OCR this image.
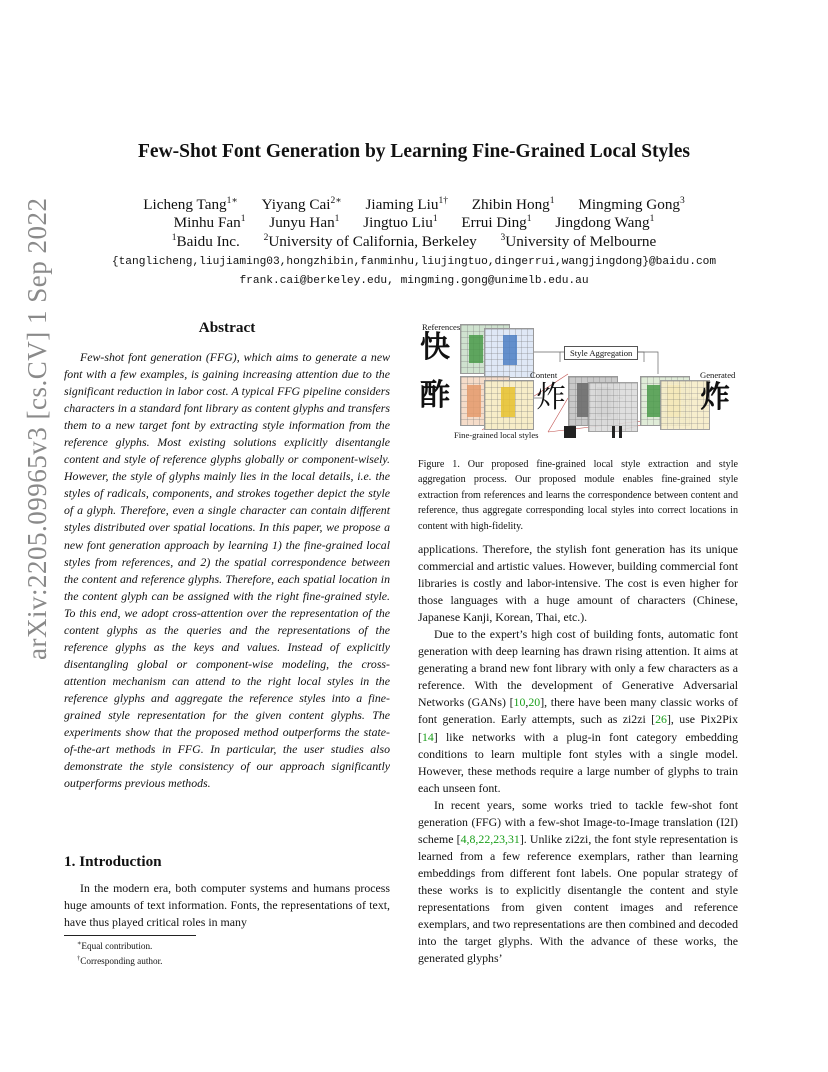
arXiv:2205.09965v3 [cs.CV] 1 Sep 2022
Few-Shot Font Generation by Learning Fine-Grained Local Styles
Licheng Tang$^{1∗}$ Yiyang Cai$^{2∗}$ Jiaming Liu$^{1\dagger}$ Zhibin Hong$^1$ Mingming Gong$^3$
Minhu Fan$^1$ Junyu Han$^1$ Jingtuo Liu$^1$ Errui Ding$^1$ Jingdong Wang$^1$
$^1$Baidu Inc.	$^2$University of California, Berkeley	$^3$University of Melbourne
{tanglicheng,liujiaming03,hongzhibin,fanminhu,liujingtuo,dingerrui,wangjingdong}@baidu.com
frank.cai@berkeley.edu, mingming.gong@unimelb.edu.au
Abstract
Few-shot font generation (FFG), which aims to generate a new font with a few examples, is gaining increasing attention due to the significant reduction in labor cost. A typical FFG pipeline considers characters in a standard font library as content glyphs and transfers them to a new target font by extracting style information from the reference glyphs. Most existing solutions explicitly disentangle content and style of reference glyphs globally or component-wisely. However, the style of glyphs mainly lies in the local details, i.e. the styles of radicals, components, and strokes together depict the style of a glyph. Therefore, even a single character can contain different styles distributed over spatial locations. In this paper, we propose a new font generation approach by learning 1) the fine-grained local styles from references, and 2) the spatial correspondence between the content and reference glyphs. Therefore, each spatial location in the content glyph can be assigned with the right fine-grained style. To this end, we adopt cross-attention over the representation of the content glyphs as the queries and the representations of the reference glyphs as the keys and values. Instead of explicitly disentangling global or component-wise modeling, the cross-attention mechanism can attend to the right local styles in the reference glyphs and aggregate the reference styles into a fine-grained style representation for the given content glyphs. The experiments show that the proposed method outperforms the state-of-the-art methods in FFG. In particular, the user studies also demonstrate the style consistency of our approach significantly outperforms previous methods.
1. Introduction
In the modern era, both computer systems and humans process huge amounts of text information. Fonts, the representations of text, have thus played critical roles in many
∗Equal contribution.
†Corresponding author.
References
快
酢
Style Aggregation
Content
炸
Generated
炸
Fine-grained local styles
Figure 1. Our proposed fine-grained local style extraction and style aggregation process. Our proposed module enables fine-grained style extraction from references and learns the correspondence between content and reference, thus aggregate corresponding local styles into correct locations in content with high-fidelity.

applications. Therefore, the stylish font generation has its unique commercial and artistic values. However, building commercial font libraries is costly and labor-intensive. The cost is even higher for those languages with a huge amount of characters (Chinese, Japanese Kanji, Korean, Thai, etc.).

Due to the expert’s high cost of building fonts, automatic font generation with deep learning has drawn rising attention. It aims at generating a brand new font library with only a few characters as a reference. With the development of Generative Adversarial Networks (GANs) [10,20], there have been many classic works of font generation. Early attempts, such as zi2zi [26], use Pix2Pix [14] like networks with a plug-in font category embedding conditions to learn multiple font styles with a single model. However, these methods require a large number of glyphs to train each unseen font.

In recent years, some works tried to tackle few-shot font generation (FFG) with a few-shot Image-to-Image translation (I2I) scheme [4,8,22,23,31]. Unlike zi2zi, the font style representation is learned from a few reference exemplars, rather than learning embeddings from different font labels. One popular strategy of these works is to explicitly disentangle the content and style representations from given content images and reference exemplars, and two representations are then combined and decoded into the target glyphs. With the advance of these works, the generated glyphs’
